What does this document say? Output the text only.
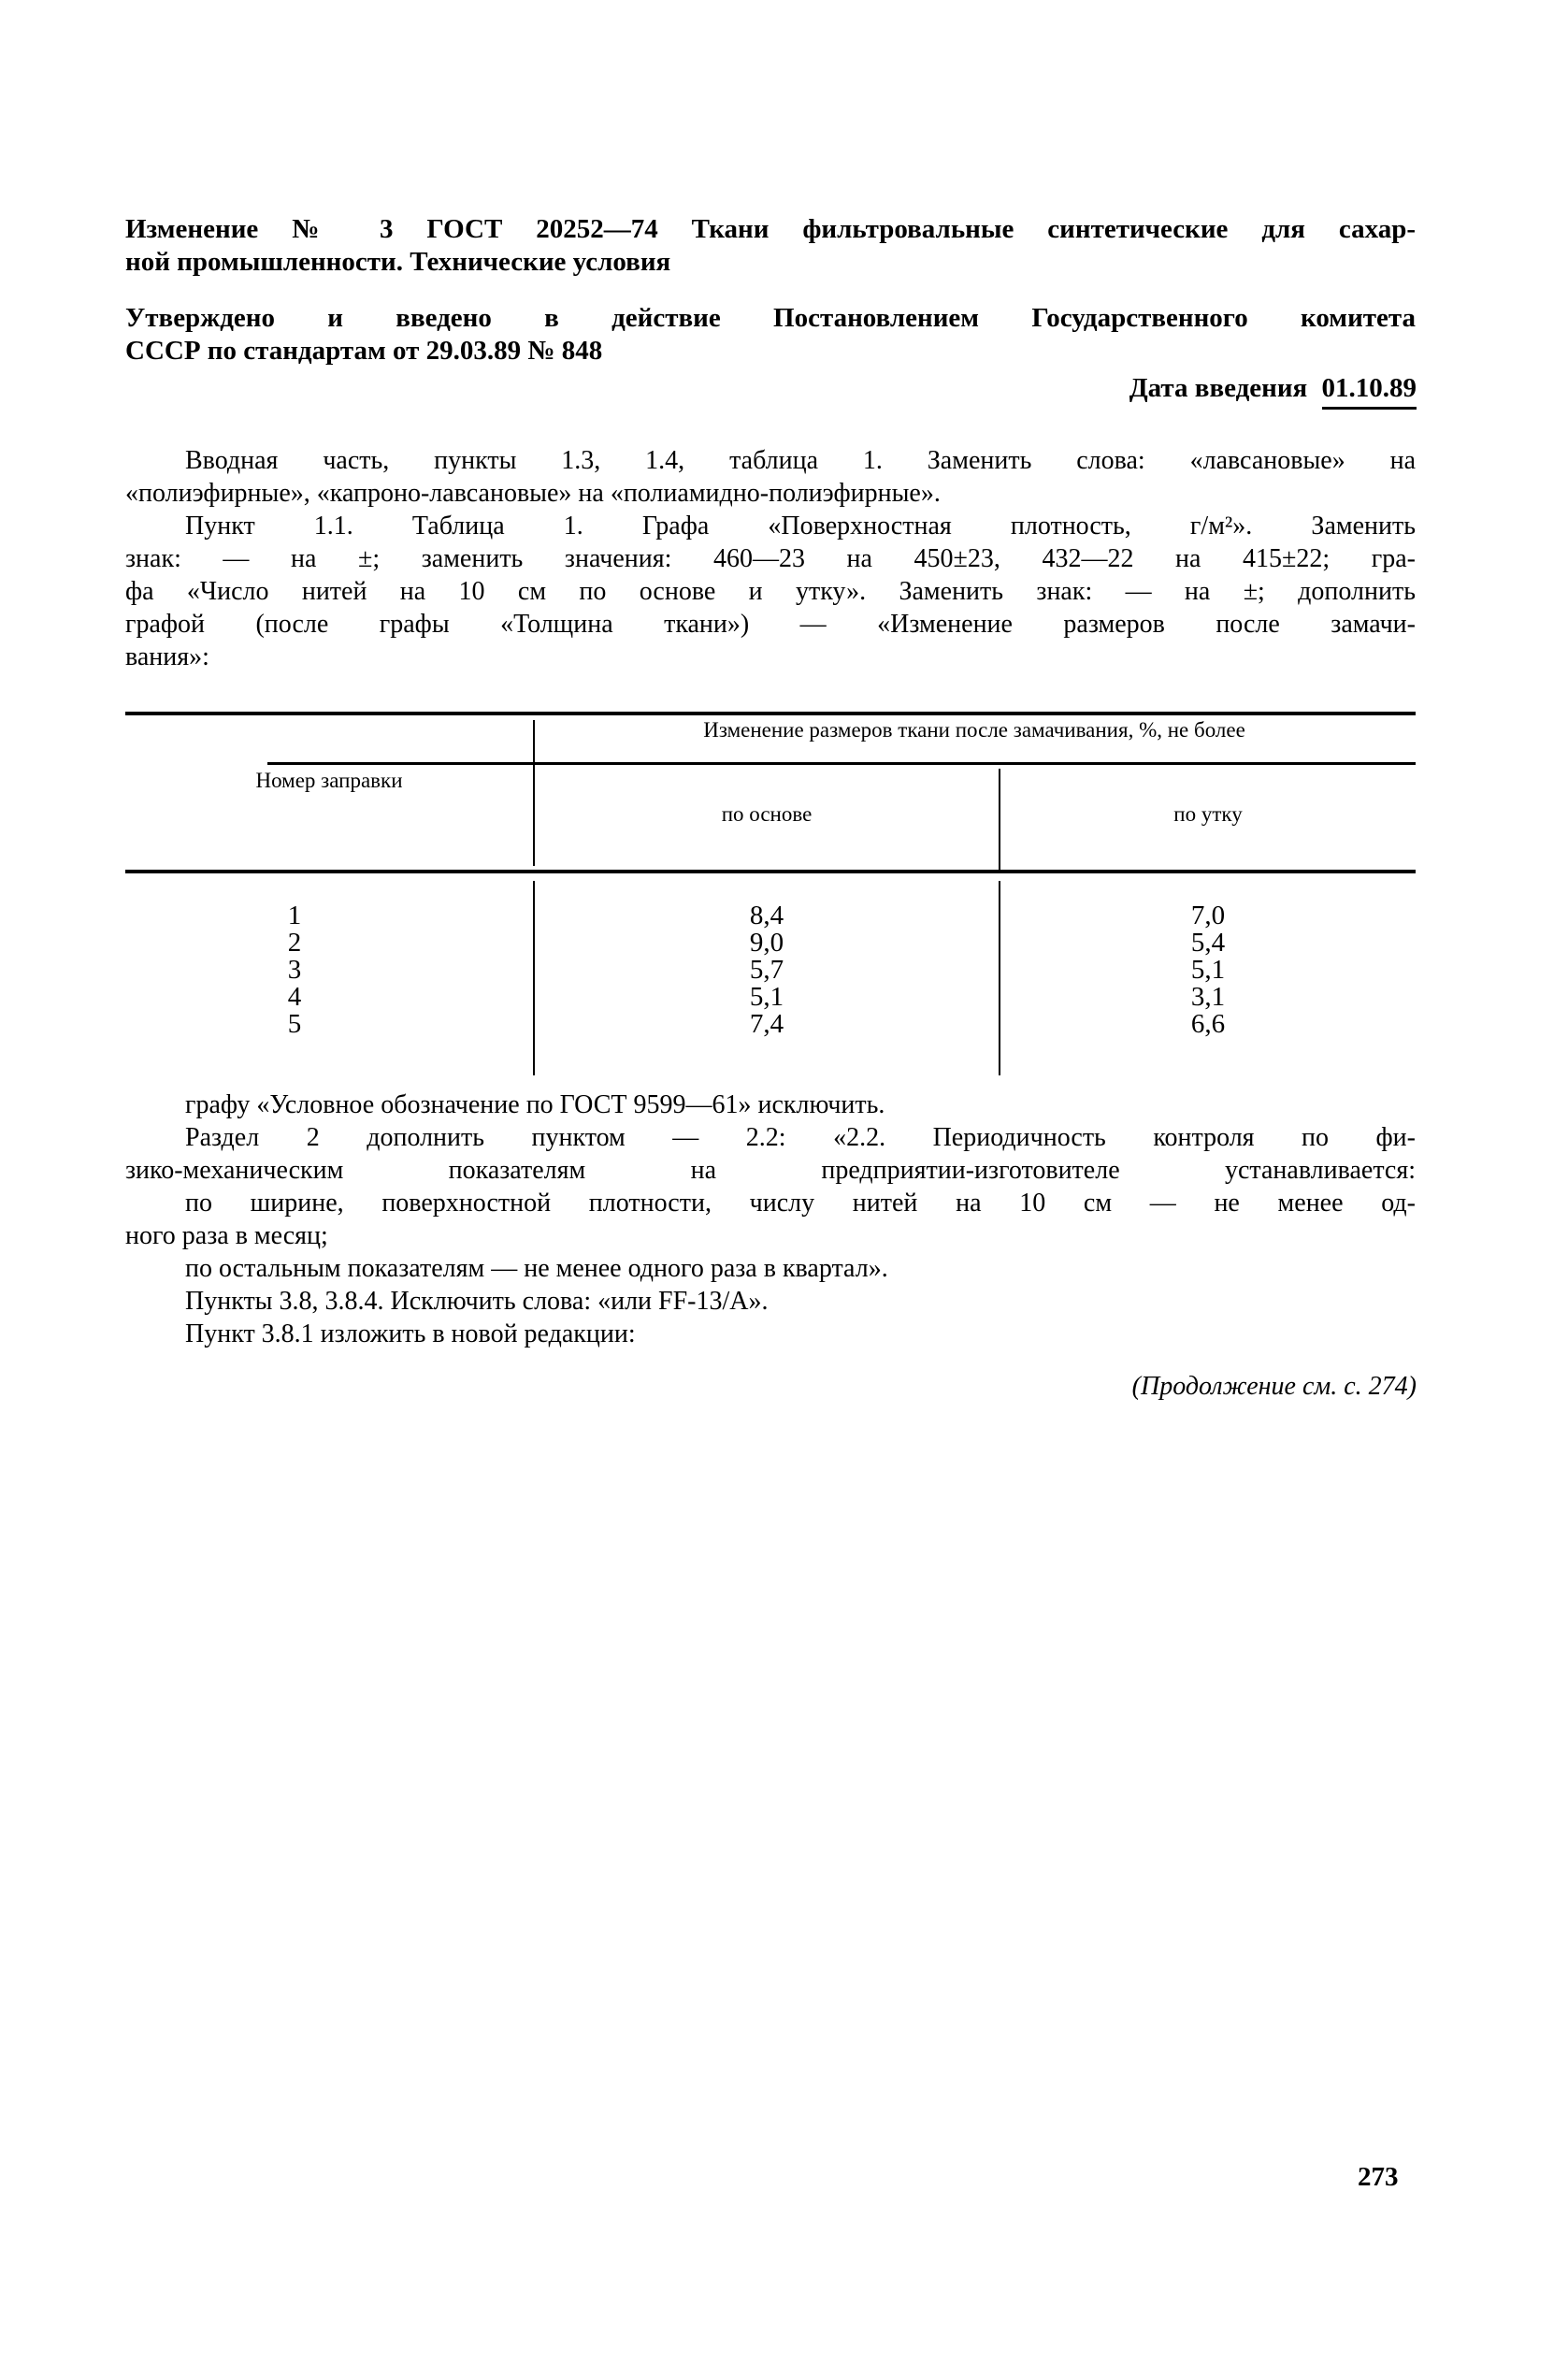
Изменение № 3 ГОСТ 20252—74 Ткани фильтровальные синтетические для сахар-
ной промышленности. Технические условия
Утверждено и введено в действие Постановлением Государственного комитета
СССР по стандартам от 29.03.89 № 848
Дата введения 01.10.89
Вводная часть, пункты 1.3, 1.4, таблица 1. Заменить слова: «лавсановые» на
«полиэфирные», «капроно-лавсановые» на «полиамидно-полиэфирные».
Пункт 1.1. Таблица 1. Графа «Поверхностная плотность, г/м²». Заменить
знак: — на ±; заменить значения: 460—23 на 450±23, 432—22 на 415±22; гра-
фа «Число нитей на 10 см по основе и утку». Заменить знак: — на ±; дополнить
графой (после графы «Толщина ткани») — «Изменение размеров после замачи-
вания»:
Номер заправки
Изменение размеров ткани после замачивания, %, не более
по основе	по утку
1	8,4	7,0
2	9,0	5,4
3	5,7	5,1
4	5,1	3,1
5	7,4	6,6
графу «Условное обозначение по ГОСТ 9599—61» исключить.
Раздел 2 дополнить пунктом — 2.2: «2.2. Периодичность контроля по фи-
зико-механическим показателям на предприятии-изготовителе устанавливается:
по ширине, поверхностной плотности, числу нитей на 10 см — не менее од-
ного раза в месяц;
по остальным показателям — не менее одного раза в квартал».
Пункты 3.8, 3.8.4. Исключить слова: «или FF-13/А».
Пункт 3.8.1 изложить в новой редакции:
(Продолжение см. с. 274)
273
